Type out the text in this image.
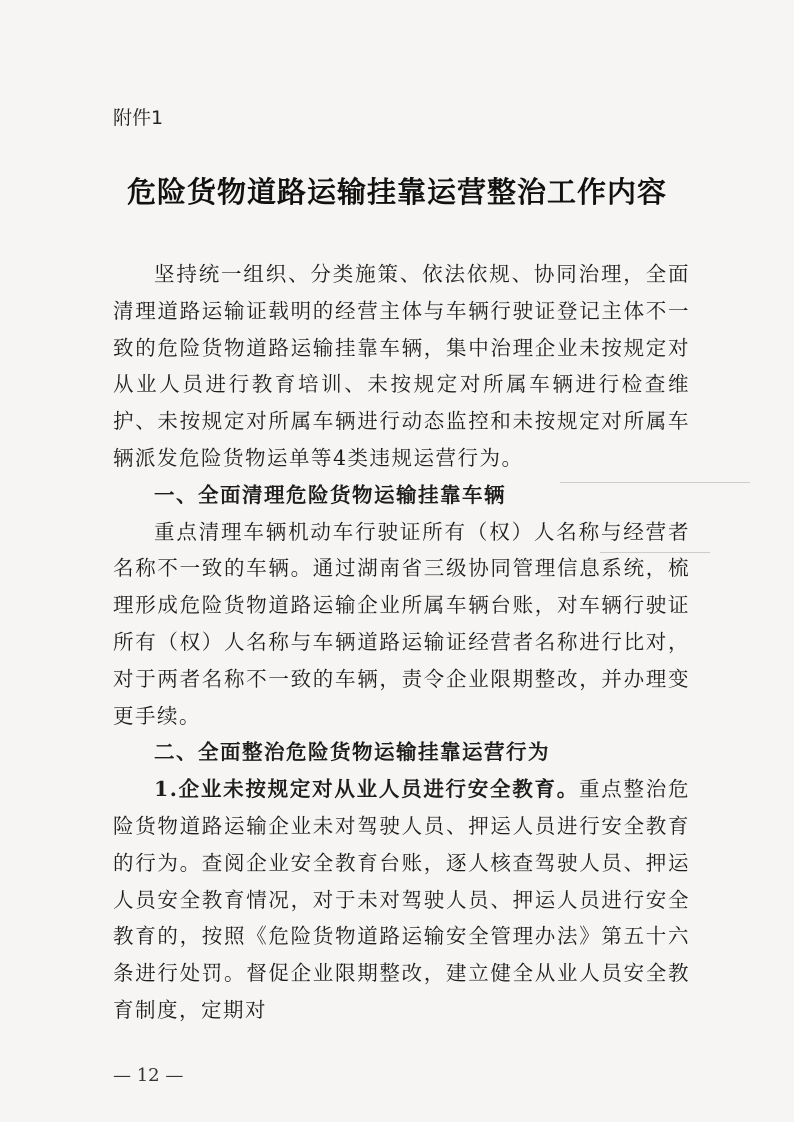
附件1
危险货物道路运输挂靠运营整治工作内容

坚持统一组织、分类施策、依法依规、协同治理，全面清理道路运输证载明的经营主体与车辆行驶证登记主体不一致的危险货物道路运输挂靠车辆，集中治理企业未按规定对从业人员进行教育培训、未按规定对所属车辆进行检查维护、未按规定对所属车辆进行动态监控和未按规定对所属车辆派发危险货物运单等4类违规运营行为。

一、全面清理危险货物运输挂靠车辆

重点清理车辆机动车行驶证所有（权）人名称与经营者名称不一致的车辆。通过湖南省三级协同管理信息系统，梳理形成危险货物道路运输企业所属车辆台账，对车辆行驶证所有（权）人名称与车辆道路运输证经营者名称进行比对，对于两者名称不一致的车辆，责令企业限期整改，并办理变更手续。

二、全面整治危险货物运输挂靠运营行为

1.企业未按规定对从业人员进行安全教育。重点整治危险货物道路运输企业未对驾驶人员、押运人员进行安全教育的行为。查阅企业安全教育台账，逐人核查驾驶人员、押运人员安全教育情况，对于未对驾驶人员、押运人员进行安全教育的，按照《危险货物道路运输安全管理办法》第五十六条进行处罚。督促企业限期整改，建立健全从业人员安全教育制度，定期对

— 12 —
